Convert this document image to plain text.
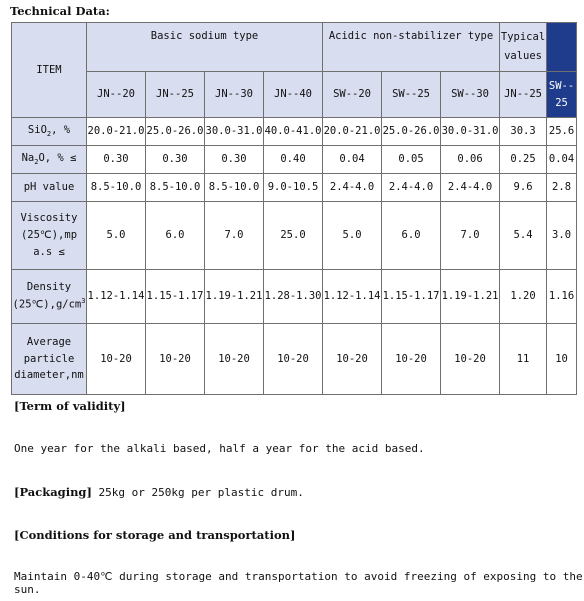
Technical Data:
ITEM	Basic sodium type				Acidic non-stabilizer type			Typical
values	
	JN--20	JN--25	JN--30	JN--40	SW--20	SW--25	SW--30	JN--25	SW--
25
SiO$_2$, %	20.0-21.0	25.0-26.0	30.0-31.0	40.0-41.0	20.0-21.0	25.0-26.0	30.0-31.0	30.3	25.6
$Na_2O$, % ≤	0.30	0.30	0.30	0.40	0.04	0.05	0.06	0.25	0.04
pH value	8.5-10.0	8.5-10.0	8.5-10.0	9.0-10.5	2.4-4.0	2.4-4.0	2.4-4.0	9.6	2.8
Viscosity
(25℃),mp
a.s ≤	5.0	6.0	7.0	25.0	5.0	6.0	7.0	5.4	3.0
Density
$(25℃),g/cm^3$	1.12-1.14	1.15-1.17	1.19-1.21	1.28-1.30	1.12-1.14	1.15-1.17	1.19-1.21	1.20	1.16
Average
particle
diameter,nm	10-20	10-20	10-20	10-20	10-20	10-20	10-20	11	10
[Term of validity]
One year for the alkali based, half a year for the acid based.
[Packaging] 25kg or 250kg per plastic drum.
[Conditions for storage and transportation]
Maintain 0-40℃ during storage and transportation to avoid freezing of exposing to the sun.
